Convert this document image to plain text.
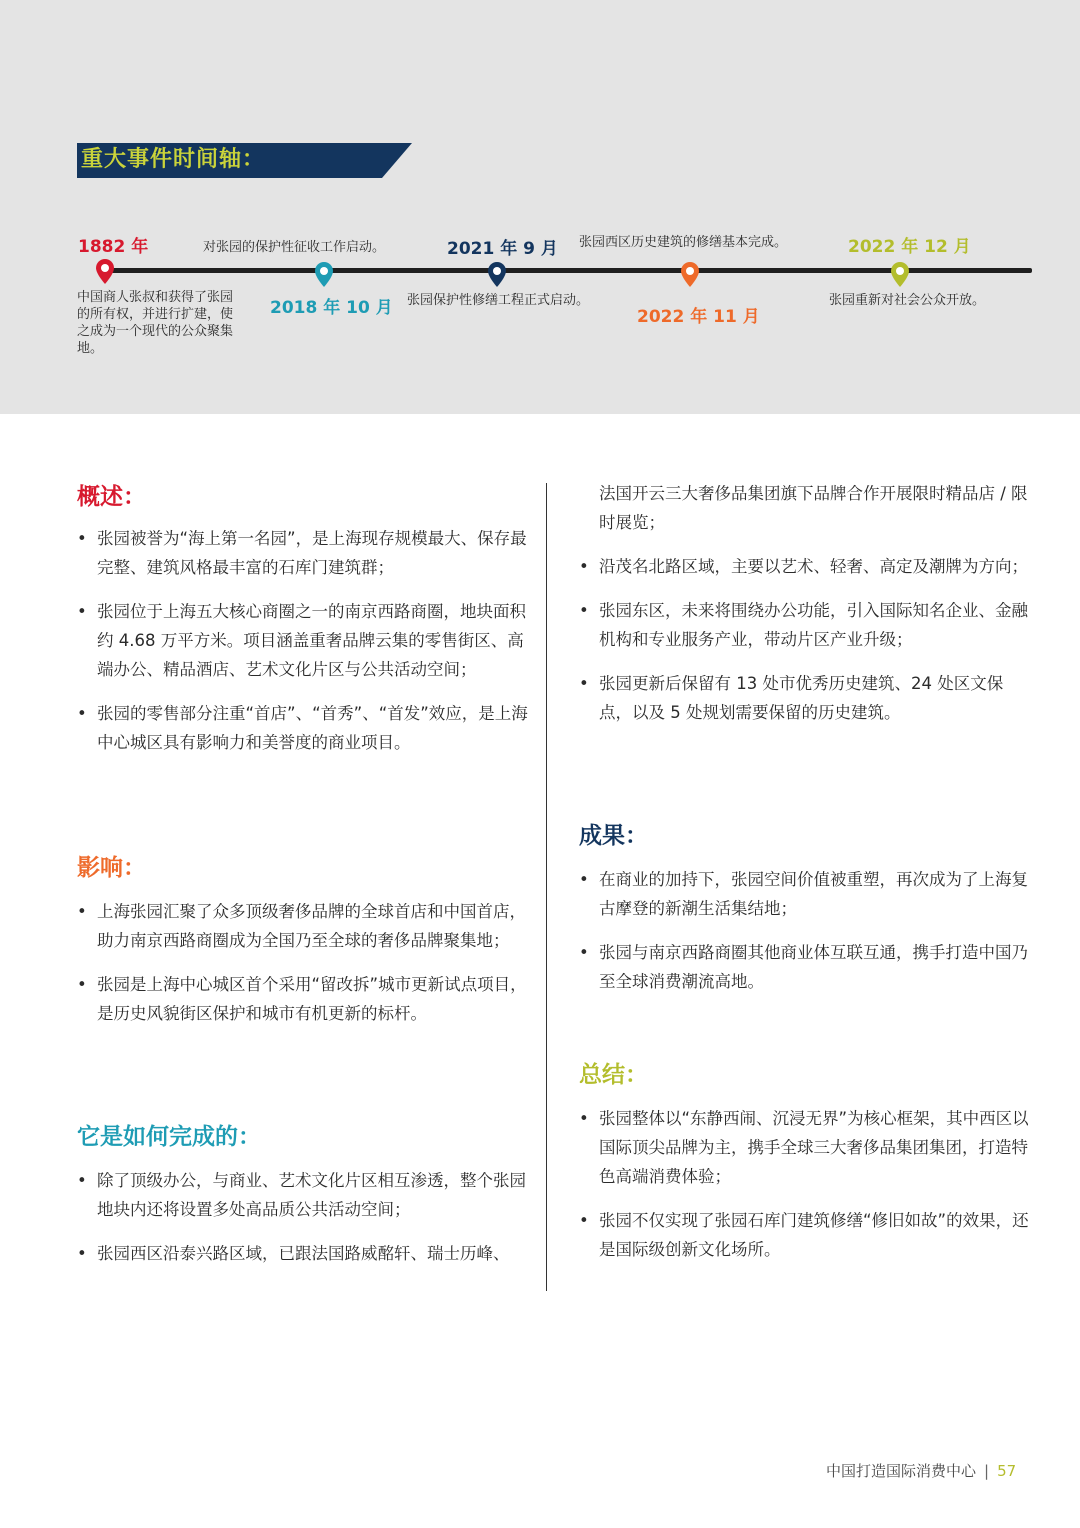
重大事件时间轴：
1882 年
2018 年 10 月
2021 年 9 月
2022 年 11 月
2022 年 12 月
中国商人张叔和获得了张园的所有权，并进行扩建，使之成为一个现代的公众聚集地。
对张园的保护性征收工作启动。
张园保护性修缮工程正式启动。
张园西区历史建筑的修缮基本完成。
张园重新对社会公众开放。
概述：
• 张园被誉为“海上第一名园”，是上海现存规模最大、保存最完整、建筑风格最丰富的石库门建筑群；
• 张园位于上海五大核心商圈之一的南京西路商圈，地块面积约 4.68 万平方米。项目涵盖重奢品牌云集的零售街区、高端办公、精品酒店、艺术文化片区与公共活动空间；
• 张园的零售部分注重“首店”、“首秀”、“首发”效应，是上海中心城区具有影响力和美誉度的商业项目。
影响：
• 上海张园汇聚了众多顶级奢侈品牌的全球首店和中国首店，助力南京西路商圈成为全国乃至全球的奢侈品牌聚集地；
• 张园是上海中心城区首个采用“留改拆”城市更新试点项目，是历史风貌街区保护和城市有机更新的标杆。
它是如何完成的：
• 除了顶级办公，与商业、艺术文化片区相互渗透，整个张园地块内还将设置多处高品质公共活动空间；
• 张园西区沿泰兴路区域，已跟法国路威酩轩、瑞士历峰、
法国开云三大奢侈品集团旗下品牌合作开展限时精品店 / 限时展览；
• 沿茂名北路区域，主要以艺术、轻奢、高定及潮牌为方向；
• 张园东区，未来将围绕办公功能，引入国际知名企业、金融机构和专业服务产业，带动片区产业升级；
• 张园更新后保留有 13 处市优秀历史建筑、24 处区文保点，以及 5 处规划需要保留的历史建筑。
成果：
• 在商业的加持下，张园空间价值被重塑，再次成为了上海复古摩登的新潮生活集结地；
• 张园与南京西路商圈其他商业体互联互通，携手打造中国乃至全球消费潮流高地。
总结：
• 张园整体以“东静西闹、沉浸无界”为核心框架，其中西区以国际顶尖品牌为主，携手全球三大奢侈品集团集团，打造特色高端消费体验；
• 张园不仅实现了张园石库门建筑修缮“修旧如故”的效果，还是国际级创新文化场所。
中国打造国际消费中心 | 57
